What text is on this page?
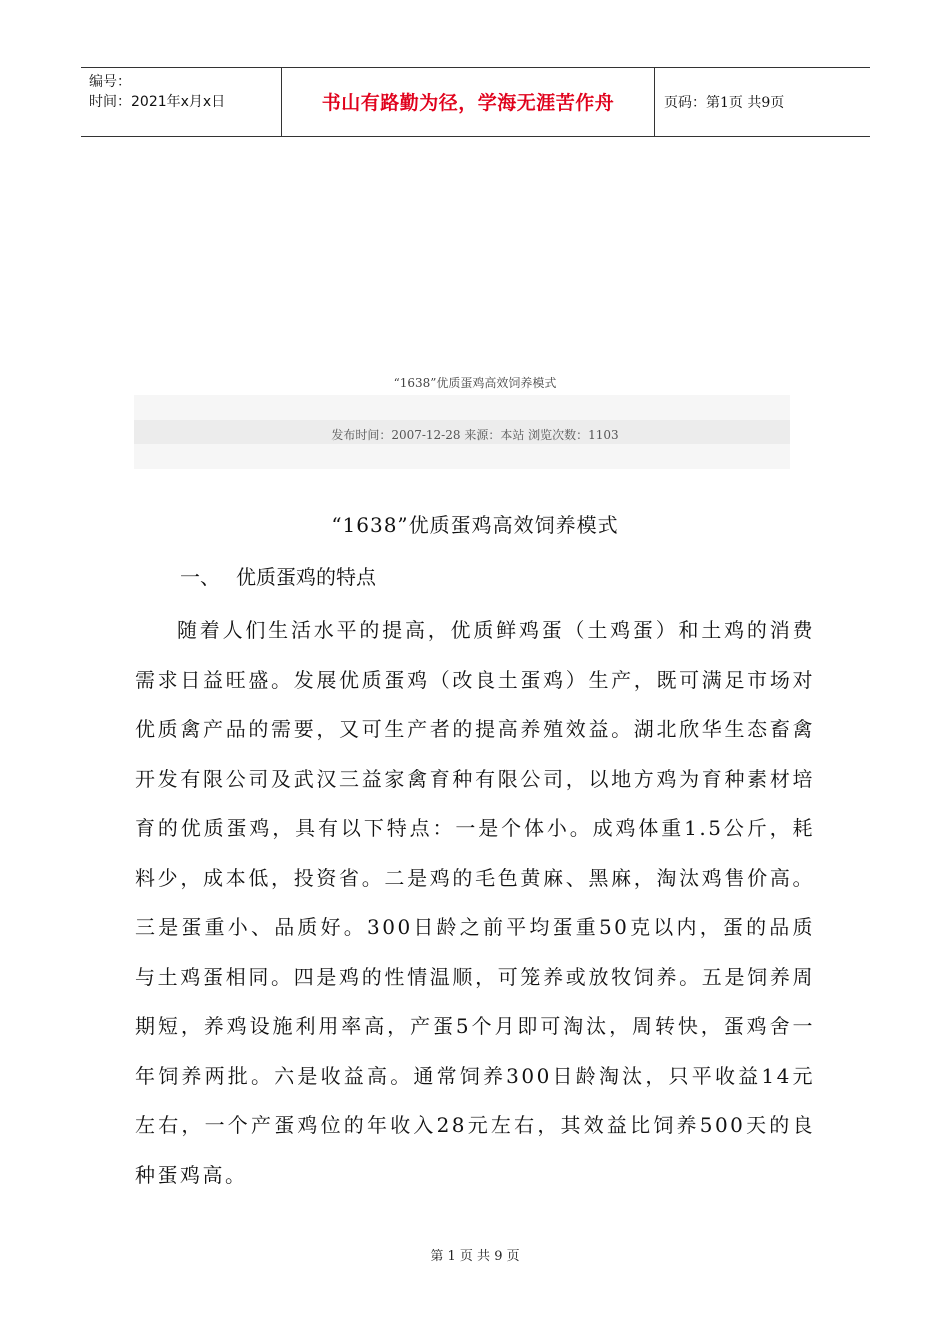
编号：
时间：2021年x月x日	书山有路勤为径，学海无涯苦作舟	页码：第1页 共9页
“1638”优质蛋鸡高效饲养模式
发布时间：2007-12-28 来源：本站 浏览次数：1103
“1638”优质蛋鸡高效饲养模式
一、 优质蛋鸡的特点

随着人们生活水平的提高，优质鲜鸡蛋（土鸡蛋）和土鸡的消费需求日益旺盛。发展优质蛋鸡（改良土蛋鸡）生产，既可满足市场对优质禽产品的需要，又可生产者的提高养殖效益。湖北欣华生态畜禽开发有限公司及武汉三益家禽育种有限公司，以地方鸡为育种素材培育的优质蛋鸡，具有以下特点：一是个体小。成鸡体重1.5公斤，耗料少，成本低，投资省。二是鸡的毛色黄麻、黑麻，淘汰鸡售价高。三是蛋重小、品质好。300日龄之前平均蛋重50克以内，蛋的品质与土鸡蛋相同。四是鸡的性情温顺，可笼养或放牧饲养。五是饲养周期短，养鸡设施利用率高，产蛋5个月即可淘汰，周转快，蛋鸡舍一年饲养两批。六是收益高。通常饲养300日龄淘汰，只平收益14元左右，一个产蛋鸡位的年收入28元左右，其效益比饲养500天的良种蛋鸡高。

第 1 页 共 9 页
